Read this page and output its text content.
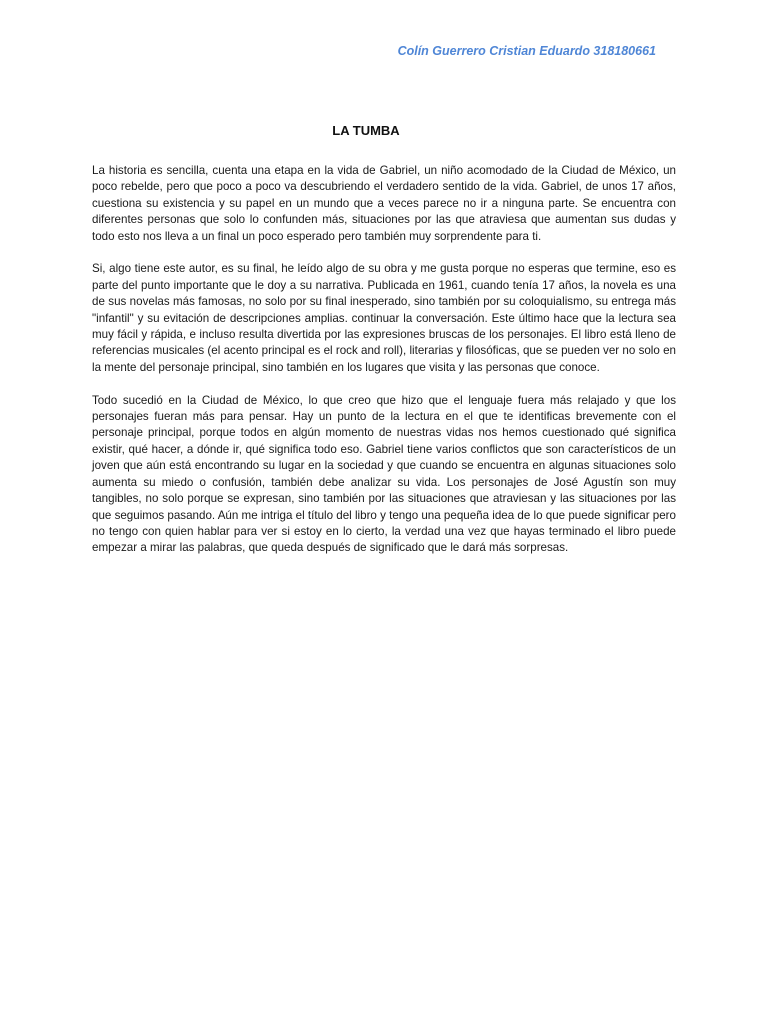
Colín Guerrero Cristian Eduardo 318180661
LA TUMBA

La historia es sencilla, cuenta una etapa en la vida de Gabriel, un niño acomodado de la Ciudad de México, un poco rebelde, pero que poco a poco va descubriendo el verdadero sentido de la vida. Gabriel, de unos 17 años, cuestiona su existencia y su papel en un mundo que a veces parece no ir a ninguna parte. Se encuentra con diferentes personas que solo lo confunden más, situaciones por las que atraviesa que aumentan sus dudas y todo esto nos lleva a un final un poco esperado pero también muy sorprendente para ti.

Si, algo tiene este autor, es su final, he leído algo de su obra y me gusta porque no esperas que termine, eso es parte del punto importante que le doy a su narrativa. Publicada en 1961, cuando tenía 17 años, la novela es una de sus novelas más famosas, no solo por su final inesperado, sino también por su coloquialismo, su entrega más "infantil" y su evitación de descripciones amplias. continuar la conversación. Este último hace que la lectura sea muy fácil y rápida, e incluso resulta divertida por las expresiones bruscas de los personajes. El libro está lleno de referencias musicales (el acento principal es el rock and roll), literarias y filosóficas, que se pueden ver no solo en la mente del personaje principal, sino también en los lugares que visita y las personas que conoce.

Todo sucedió en la Ciudad de México, lo que creo que hizo que el lenguaje fuera más relajado y que los personajes fueran más para pensar. Hay un punto de la lectura en el que te identificas brevemente con el personaje principal, porque todos en algún momento de nuestras vidas nos hemos cuestionado qué significa existir, qué hacer, a dónde ir, qué significa todo eso. Gabriel tiene varios conflictos que son característicos de un joven que aún está encontrando su lugar en la sociedad y que cuando se encuentra en algunas situaciones solo aumenta su miedo o confusión, también debe analizar su vida. Los personajes de José Agustín son muy tangibles, no solo porque se expresan, sino también por las situaciones que atraviesan y las situaciones por las que seguimos pasando. Aún me intriga el título del libro y tengo una pequeña idea de lo que puede significar pero no tengo con quien hablar para ver si estoy en lo cierto, la verdad una vez que hayas terminado el libro puede empezar a mirar las palabras, que queda después de significado que le dará más sorpresas.
